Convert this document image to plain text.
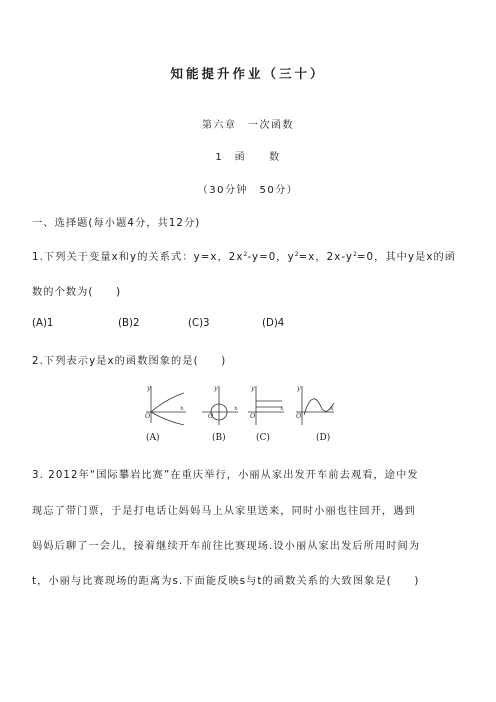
知能提升作业（三十）
第六章　一次函数
1　函　　数
（30分钟　50分）
一、选择题(每小题4分，共12分)
1.下列关于变量x和y的关系式：y=x，$2x^2-y=0$，$y^2=x$，$2x-y^2=0$，其中y是x的函
数的个数为(　　)
(A)1	(B)2	(C)3	(D)4
2.下列表示y是x的函数图象的是(　　)
O
x
y
O
x
y
O
x
y
O
x
y
(A)	(B)	(C)	(D)
3. 2012年“国际攀岩比赛”在重庆举行，小丽从家出发开车前去观看，途中发
现忘了带门票，于是打电话让妈妈马上从家里送来，同时小丽也往回开，遇到
妈妈后聊了一会儿，接着继续开车前往比赛现场.设小丽从家出发后所用时间为
t，小丽与比赛现场的距离为s.下面能反映s与t的函数关系的大致图象是(　　)
